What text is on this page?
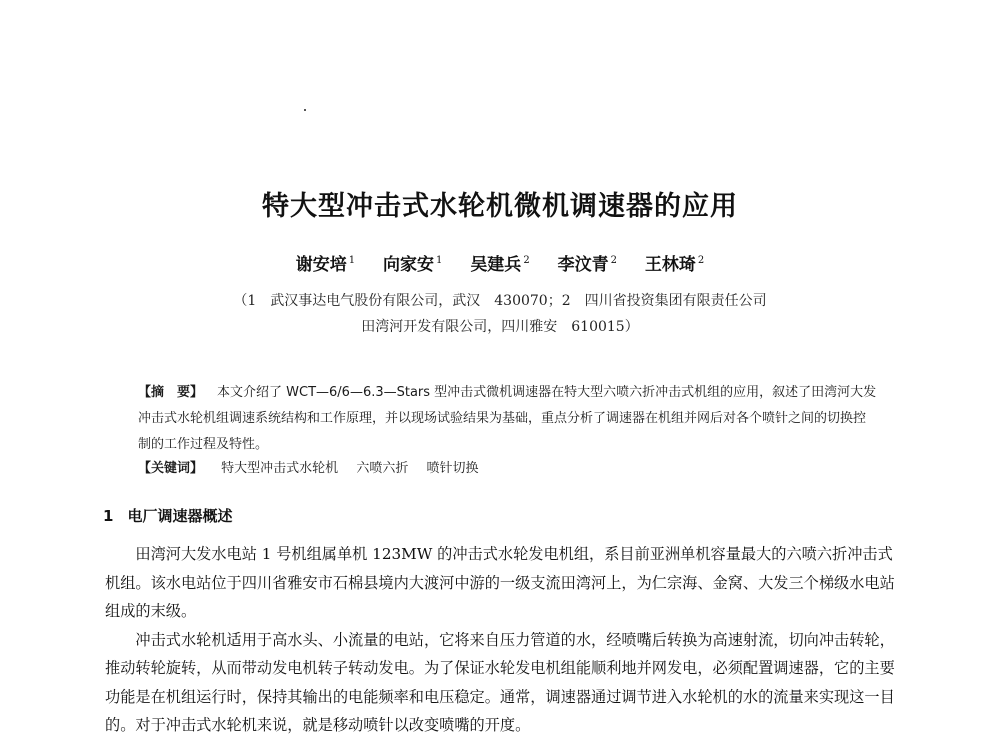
特大型冲击式水轮机微机调速器的应用
谢安培 $^1$ 向家安 $^1$ 吴建兵 $^2$ 李汶青 $^2$ 王林琦 $^2$
（1　武汉事达电气股份有限公司，武汉　430070；2　四川省投资集团有限责任公司
田湾河开发有限公司，四川雅安　610015）
【摘　要】 本文介绍了 WCT—6/6—6.3—Stars 型冲击式微机调速器在特大型六喷六折冲击式机组的应用，叙述了田湾河大发冲击式水轮机组调速系统结构和工作原理，并以现场试验结果为基础，重点分析了调速器在机组并网后对各个喷针之间的切换控制的工作过程及特性。
【关键词】 特大型冲击式水轮机 六喷六折 喷针切换
1 电厂调速器概述

田湾河大发水电站 1 号机组属单机 123MW 的冲击式水轮发电机组，系目前亚洲单机容量最大的六喷六折冲击式机组。该水电站位于四川省雅安市石棉县境内大渡河中游的一级支流田湾河上，为仁宗海、金窝、大发三个梯级水电站组成的末级。

冲击式水轮机适用于高水头、小流量的电站，它将来自压力管道的水，经喷嘴后转换为高速射流，切向冲击转轮，推动转轮旋转，从而带动发电机转子转动发电。为了保证水轮发电机组能顺利地并网发电，必须配置调速器，它的主要功能是在机组运行时，保持其输出的电能频率和电压稳定。通常，调速器通过调节进入水轮机的水的流量来实现这一目的。对于冲击式水轮机来说，就是移动喷针以改变喷嘴的开度。
